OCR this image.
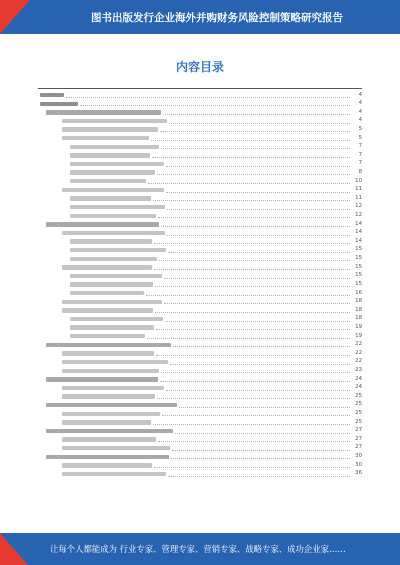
图书出版发行企业海外并购财务风险控制策略研究报告
内容目录
4
4
4
4
5
5
7
7
7
8
10
11
11
12
12
14
14
14
15
15
15
15
15
16
18
18
18
19
19
22
22
22
23
24
24
25
25
25
25
27
27
27
30
30
36
让每个人都能成为 行业专家、管理专家、营销专家、战略专家、成功企业家……
